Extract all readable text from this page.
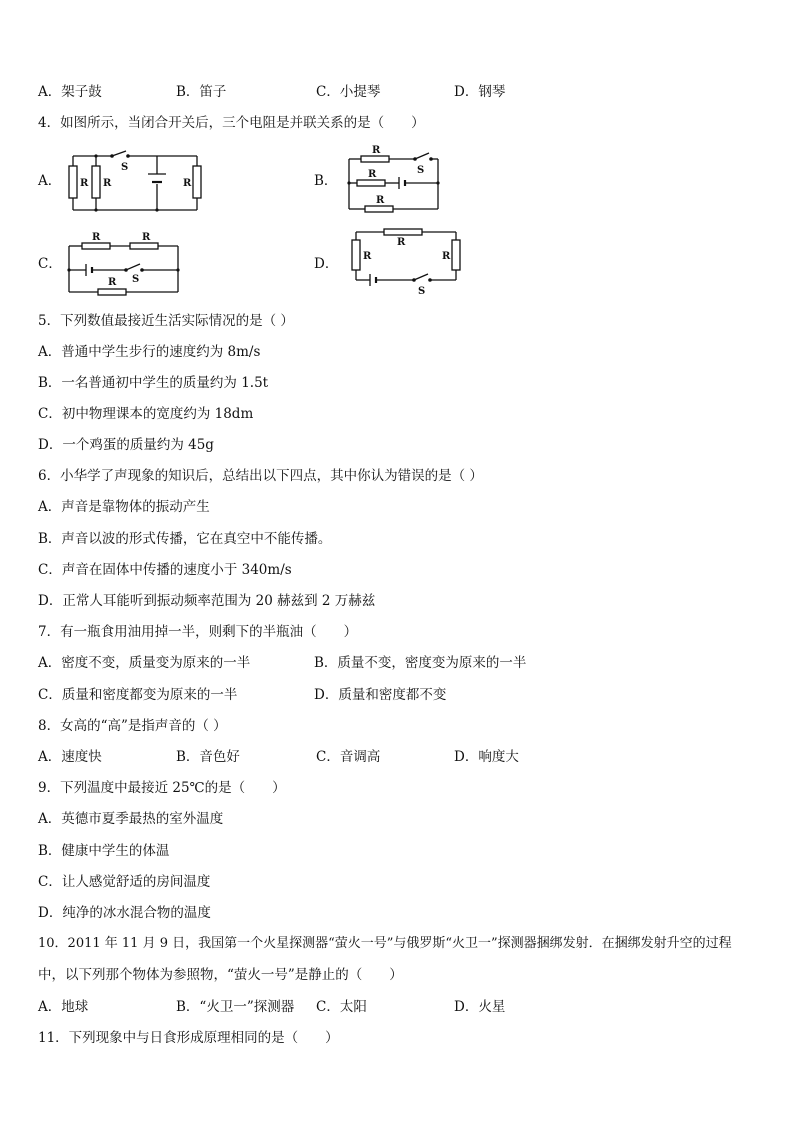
A．架子鼓	B．笛子	C．小提琴	D．钢琴
4．如图所示，当闭合开关后，三个电阻是并联关系的是（　　）
A． R R	R
S
B．
R
R
R
S
C．
R	R
R S
D．
R
R	R
S
5．下列数值最接近生活实际情况的是（ ）
A．普通中学生步行的速度约为 8m/s
B．一名普通初中学生的质量约为 1.5t
C．初中物理课本的宽度约为 18dm
D．一个鸡蛋的质量约为 45g
6．小华学了声现象的知识后，总结出以下四点，其中你认为错误的是（ ）
A．声音是靠物体的振动产生
B．声音以波的形式传播，它在真空中不能传播。
C．声音在固体中传播的速度小于 340m/s
D．正常人耳能听到振动频率范围为 20 赫兹到 2 万赫兹
7．有一瓶食用油用掉一半，则剩下的半瓶油（　　）
A．密度不变，质量变为原来的一半	B．质量不变，密度变为原来的一半
C．质量和密度都变为原来的一半	D．质量和密度都不变
8．女高的“高”是指声音的（ ）
A．速度快	B．音色好	C．音调高	D．响度大
9．下列温度中最接近 25℃的是（　　）
A．英德市夏季最热的室外温度
B．健康中学生的体温
C．让人感觉舒适的房间温度
D．纯净的冰水混合物的温度
10．2011 年 11 月 9 日，我国第一个火星探测器“萤火一号”与俄罗斯“火卫一”探测器捆绑发射．在捆绑发射升空的过程
中，以下列那个物体为参照物，“萤火一号”是静止的（　　）
A．地球	B．“火卫一”探测器 C．太阳	D．火星
11．下列现象中与日食形成原理相同的是（　　）
